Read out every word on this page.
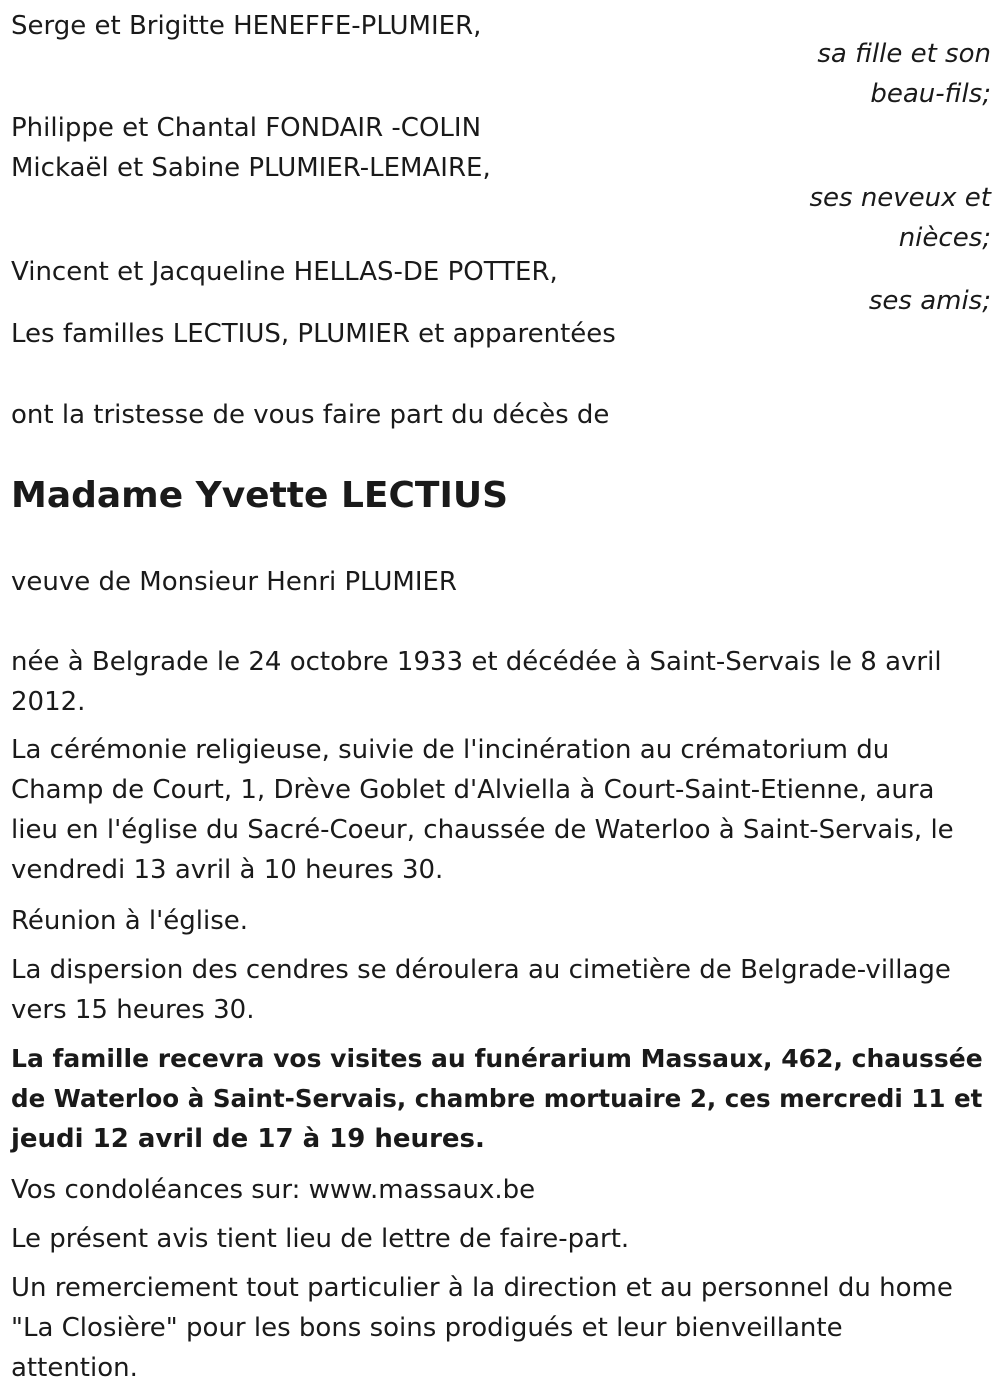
Serge et Brigitte HENEFFE-PLUMIER,
sa fille et son
beau-fils;
Philippe et Chantal FONDAIR -COLIN
Mickaël et Sabine PLUMIER-LEMAIRE,
ses neveux et
nièces;
Vincent et Jacqueline HELLAS-DE POTTER,
ses amis;
Les familles LECTIUS, PLUMIER et apparentées
ont la tristesse de vous faire part du décès de
Madame Yvette LECTIUS
veuve de Monsieur Henri PLUMIER
née à Belgrade le 24 octobre 1933 et décédée à Saint-Servais le 8 avril
2012.
La cérémonie religieuse, suivie de l'incinération au crématorium du
Champ de Court, 1, Drève Goblet d'Alviella à Court-Saint-Etienne, aura
lieu en l'église du Sacré-Coeur, chaussée de Waterloo à Saint-Servais, le
vendredi 13 avril à 10 heures 30.
Réunion à l'église.
La dispersion des cendres se déroulera au cimetière de Belgrade-village
vers 15 heures 30.
La famille recevra vos visites au funérarium Massaux, 462, chaussée
de Waterloo à Saint-Servais, chambre mortuaire 2, ces mercredi 11 et
jeudi 12 avril de 17 à 19 heures.
Vos condoléances sur: www.massaux.be
Le présent avis tient lieu de lettre de faire-part.
Un remerciement tout particulier à la direction et au personnel du home
"La Closière" pour les bons soins prodigués et leur bienveillante
attention.
